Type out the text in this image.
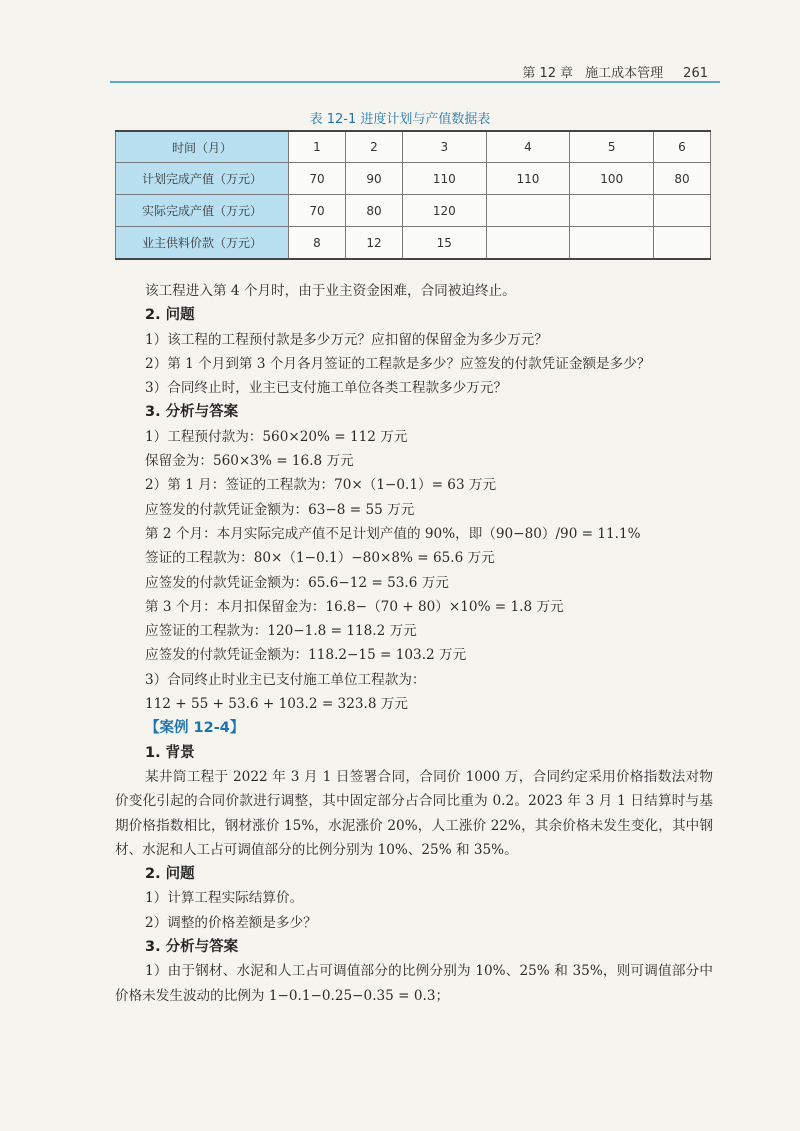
第 12 章 施工成本管理 261
表 12-1 进度计划与产值数据表
时间（月）	1	2	3	4	5	6
计划完成产值（万元）	70	90	110	110	100	80
实际完成产值（万元）	70	80	120			
业主供料价款（万元）	8	12	15			

该工程进入第 4 个月时，由于业主资金困难，合同被迫终止。

2. 问题

1）该工程的工程预付款是多少万元？应扣留的保留金为多少万元？

2）第 1 个月到第 3 个月各月签证的工程款是多少？应签发的付款凭证金额是多少？

3）合同终止时，业主已支付施工单位各类工程款多少万元？

3. 分析与答案

1）工程预付款为：560×20% = 112 万元

保留金为：560×3% = 16.8 万元

2）第 1 月：签证的工程款为：70×（1−0.1）= 63 万元

应签发的付款凭证金额为：63−8 = 55 万元

第 2 个月：本月实际完成产值不足计划产值的 90%，即（90−80）/90 = 11.1%

签证的工程款为：80×（1−0.1）−80×8% = 65.6 万元

应签发的付款凭证金额为：65.6−12 = 53.6 万元

第 3 个月：本月扣保留金为：16.8−（70 + 80）×10% = 1.8 万元

应签证的工程款为：120−1.8 = 118.2 万元

应签发的付款凭证金额为：118.2−15 = 103.2 万元

3）合同终止时业主已支付施工单位工程款为：

112 + 55 + 53.6 + 103.2 = 323.8 万元

【案例 12-4】

1. 背景

某井筒工程于 2022 年 3 月 1 日签署合同，合同价 1000 万，合同约定采用价格指数法对物价变化引起的合同价款进行调整，其中固定部分占合同比重为 0.2。2023 年 3 月 1 日结算时与基期价格指数相比，钢材涨价 15%，水泥涨价 20%，人工涨价 22%，其余价格未发生变化，其中钢材、水泥和人工占可调值部分的比例分别为 10%、25% 和 35%。

2. 问题

1）计算工程实际结算价。

2）调整的价格差额是多少？

3. 分析与答案

1）由于钢材、水泥和人工占可调值部分的比例分别为 10%、25% 和 35%，则可调值部分中价格未发生波动的比例为 1−0.1−0.25−0.35 = 0.3；
